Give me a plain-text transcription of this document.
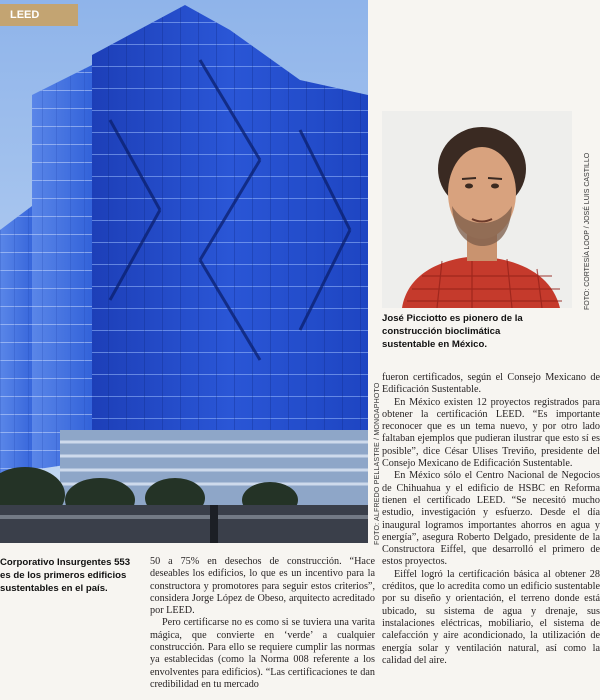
LEED
FOTO: ALFREDO PELLASTRE / MONOAPHOTO
FOTO: CORTESÍA LOOP / JOSÉ LUIS CASTILLO
José Picciotto es pionero de la construcción bioclimática sustentable en México.
Corporativo Insurgentes 553 es de los primeros edificios sustentables en el país.

50 a 75% en desechos de construcción. “Hace deseables los edificios, lo que es un incentivo para la constructora y promotores para seguir estos criterios”, considera Jorge López de Obeso, arquitecto acreditado por LEED.

Pero certificarse no es como si se tuviera una varita mágica, que convierte en ‘verde’ a cualquier construcción. Para ello se requiere cumplir las normas ya establecidas (como la Norma 008 referente a los envolventes para edificios). “Las certificaciones te dan credibilidad en tu mercado

fueron certificados, según el Consejo Mexicano de Edificación Sustentable.

En México existen 12 proyectos registrados para obtener la certificación LEED. “Es importante reconocer que es un tema nuevo, y por otro lado faltaban ejemplos que pudieran ilustrar que esto sí es posible”, dice César Ulises Treviño, presidente del Consejo Mexicano de Edificación Sustentable.

En México sólo el Centro Nacional de Negocios de Chihuahua y el edificio de HSBC en Reforma tienen el certificado LEED. “Se necesitó mucho estudio, investigación y esfuerzo. Desde el día inaugural logramos importantes ahorros en agua y energía”, asegura Roberto Delgado, presidente de la Constructora Eiffel, que desarrolló el primero de estos proyectos.

Eiffel logró la certificación básica al obtener 28 créditos, que lo acredita como un edificio sustentable por su diseño y orientación, el terreno donde está ubicado, su sistema de agua y drenaje, sus instalaciones eléctricas, mobiliario, el sistema de calefacción y aire acondicionado, la utilización de energía solar y ventilación natural, así como la calidad del aire.
